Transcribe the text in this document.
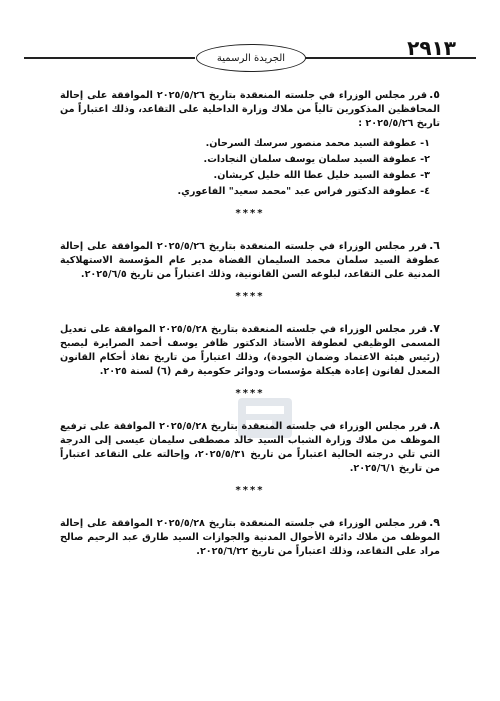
٢٩١٣
الجريدة الرسمية
٥.قرر مجلس الوزراء في جلسته المنعقدة بتاريخ ٢٠٢٥/٥/٢٦ الموافقة على إحالة المحافظين المذكورين تالياً من ملاك وزارة الداخلية على التقاعد، وذلك اعتباراً من تاريخ ٢٠٢٥/٥/٢٦ :
١- عطوفة السيد محمد منصور سرسك السرحان.
٢- عطوفة السيد سلمان يوسف سلمان النجادات.
٣- عطوفة السيد خليل عطا الله خليل كريشان.
٤- عطوفة الدكتور فراس عبد "محمد سعيد" الفاعوري.
****
٦.قرر مجلس الوزراء في جلسته المنعقدة بتاريخ ٢٠٢٥/٥/٢٦ الموافقة على إحالة عطوفة السيد سلمان محمد السليمان القضاة مدير عام المؤسسة الاستهلاكية المدنية على التقاعد، لبلوغه السن القانونية، وذلك اعتباراً من تاريخ ٢٠٢٥/٦/٥.
****
٧.قرر مجلس الوزراء في جلسته المنعقدة بتاريخ ٢٠٢٥/٥/٢٨ الموافقة على تعديل المسمى الوظيفي لعطوفة الأستاذ الدكتور ظافر يوسف أحمد الصرايرة ليصبح (رئيس هيئة الاعتماد وضمان الجودة)، وذلك اعتباراً من تاريخ نفاذ أحكام القانون المعدل لقانون إعادة هيكلة مؤسسات ودوائر حكومية رقم (٦) لسنة ٢٠٢٥.
****
٨.قرر مجلس الوزراء في جلسته المنعقدة بتاريخ ٢٠٢٥/٥/٢٨ الموافقة على ترفيع الموظف من ملاك وزارة الشباب السيد خالد مصطفى سليمان عيسى إلى الدرجة التي تلي درجته الحالية اعتباراً من تاريخ ٢٠٢٥/٥/٣١، وإحالته على التقاعد اعتباراً من تاريخ ٢٠٢٥/٦/١.
****
٩.قرر مجلس الوزراء في جلسته المنعقدة بتاريخ ٢٠٢٥/٥/٢٨ الموافقة على إحالة الموظف من ملاك دائرة الأحوال المدنية والجوازات السيد طارق عبد الرحيم صالح مراد على التقاعد، وذلك اعتباراً من تاريخ ٢٠٢٥/٦/٢٢.
